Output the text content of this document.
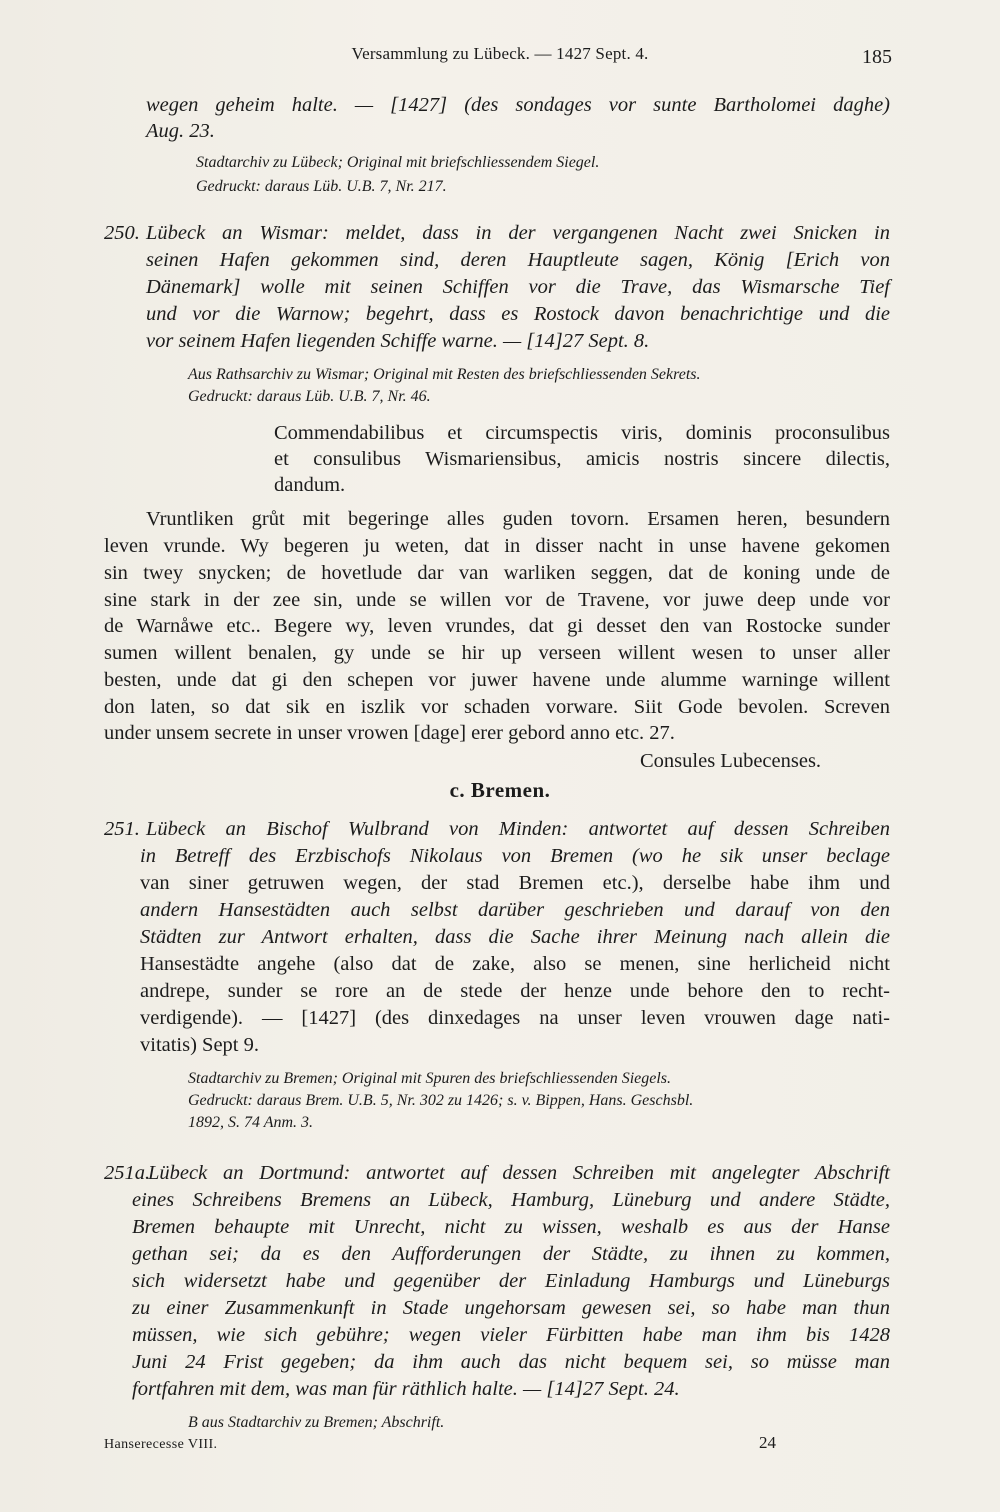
Versammlung zu Lübeck. — 1427 Sept. 4.	185
wegen geheim halte. — [1427] (des sondages vor sunte Bartholomei daghe)
Aug. 23.
Stadtarchiv zu Lübeck; Original mit briefschliessendem Siegel.
Gedruckt: daraus Lüb. U.B. 7, Nr. 217.
250. Lübeck an Wismar: meldet, dass in der vergangenen Nacht zwei Snicken in
seinen Hafen gekommen sind, deren Hauptleute sagen, König [Erich von
Dänemark] wolle mit seinen Schiffen vor die Trave, das Wismarsche Tief
und vor die Warnow; begehrt, dass es Rostock davon benachrichtige und die
vor seinem Hafen liegenden Schiffe warne. — [14]27 Sept. 8.
Aus Rathsarchiv zu Wismar; Original mit Resten des briefschliessenden Sekrets.
Gedruckt: daraus Lüb. U.B. 7, Nr. 46.
Commendabilibus et circumspectis viris, dominis proconsulibus
et consulibus Wismariensibus, amicis nostris sincere dilectis,
dandum.
Vruntliken grůt mit begeringe alles guden tovorn. Ersamen heren, besundern
leven vrunde. Wy begeren ju weten, dat in disser nacht in unse havene gekomen
sin twey snycken; de hovetlude dar van warliken seggen, dat de koning unde de
sine stark in der zee sin, unde se willen vor de Travene, vor juwe deep unde vor
de Warnåwe etc.. Begere wy, leven vrundes, dat gi desset den van Rostocke sunder
sumen willent benalen, gy unde se hir up verseen willent wesen to unser aller
besten, unde dat gi den schepen vor juwer havene unde alumme warninge willent
don laten, so dat sik en iszlik vor schaden vorware. Siit Gode bevolen. Screven
under unsem secrete in unser vrowen [dage] erer gebord anno etc. 27.
Consules Lubecenses.
c. Bremen.
251. Lübeck an Bischof Wulbrand von Minden: antwortet auf dessen Schreiben
in Betreff des Erzbischofs Nikolaus von Bremen (wo he sik unser beclage
van siner getruwen wegen, der stad Bremen etc.), derselbe habe ihm und
andern Hansestädten auch selbst darüber geschrieben und darauf von den
Städten zur Antwort erhalten, dass die Sache ihrer Meinung nach allein die
Hansestädte angehe (also dat de zake, also se menen, sine herlicheid nicht
andrepe, sunder se rore an de stede der henze unde behore den to recht-
verdigende). — [1427] (des dinxedages na unser leven vrouwen dage nati-
vitatis) Sept 9.
Stadtarchiv zu Bremen; Original mit Spuren des briefschliessenden Siegels.
Gedruckt: daraus Brem. U.B. 5, Nr. 302 zu 1426; s. v. Bippen, Hans. Geschsbl.
1892, S. 74 Anm. 3.
251a.
Lübeck an Dortmund: antwortet auf dessen Schreiben mit angelegter Abschrift
eines Schreibens Bremens an Lübeck, Hamburg, Lüneburg und andere Städte,
Bremen behaupte mit Unrecht, nicht zu wissen, weshalb es aus der Hanse
gethan sei; da es den Aufforderungen der Städte, zu ihnen zu kommen,
sich widersetzt habe und gegenüber der Einladung Hamburgs und Lüneburgs
zu einer Zusammenkunft in Stade ungehorsam gewesen sei, so habe man thun
müssen, wie sich gebühre; wegen vieler Fürbitten habe man ihm bis 1428
Juni 24 Frist gegeben; da ihm auch das nicht bequem sei, so müsse man
fortfahren mit dem, was man für räthlich halte. — [14]27 Sept. 24.
B aus Stadtarchiv zu Bremen; Abschrift.
Hanserecesse VIII.	24
